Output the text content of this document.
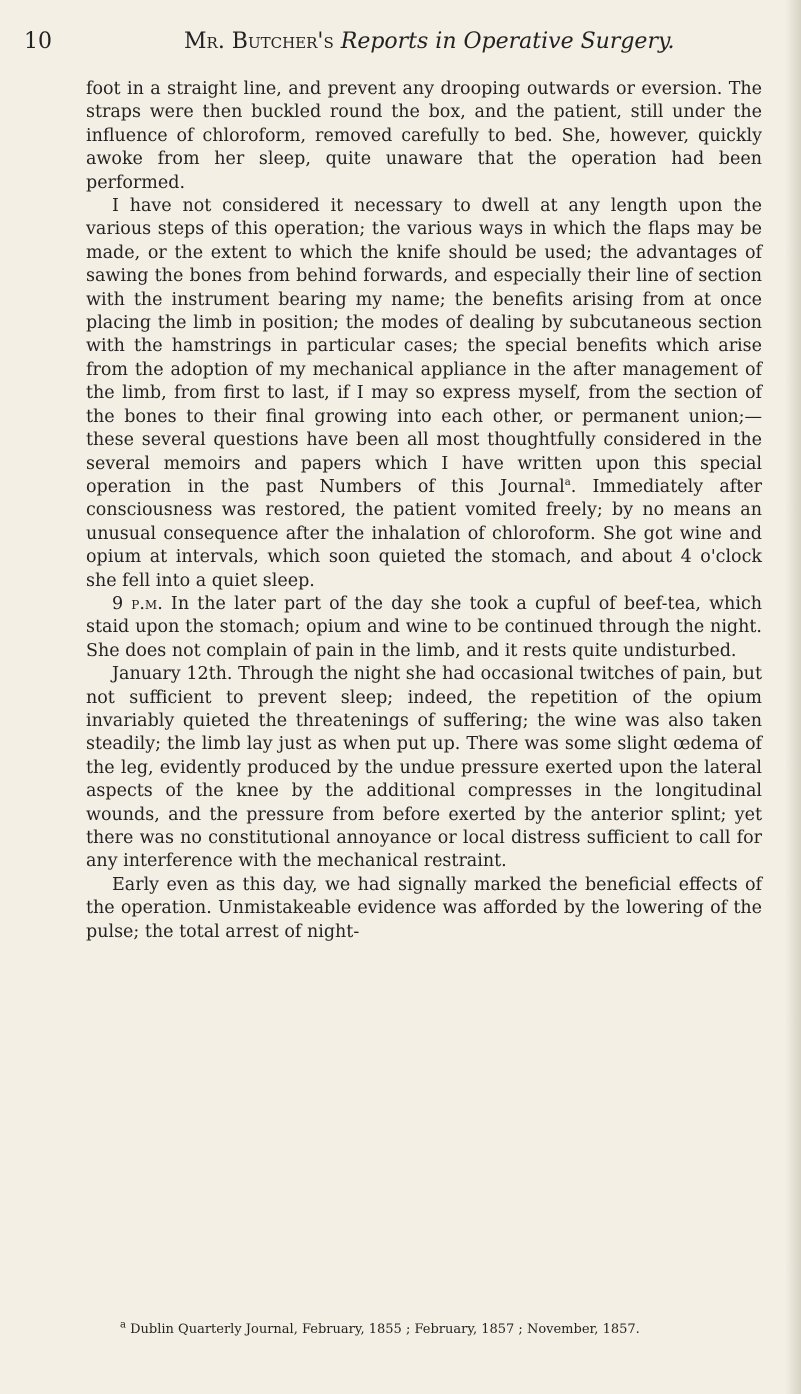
10	Mr. Butcher's Reports in Operative Surgery.

foot in a straight line, and prevent any drooping outwards or eversion. The straps were then buckled round the box, and the patient, still under the influence of chloroform, removed carefully to bed. She, however, quickly awoke from her sleep, quite unaware that the operation had been performed.

I have not considered it necessary to dwell at any length upon the various steps of this operation; the various ways in which the flaps may be made, or the extent to which the knife should be used; the advantages of sawing the bones from behind forwards, and especially their line of section with the instrument bearing my name; the benefits arising from at once placing the limb in position; the modes of dealing by subcutaneous section with the hamstrings in particular cases; the special benefits which arise from the adoption of my mechanical appliance in the after management of the limb, from first to last, if I may so express myself, from the section of the bones to their final growing into each other, or permanent union;—these several questions have been all most thoughtfully considered in the several memoirs and papers which I have written upon this special operation in the past Numbers of this Journal$^a$. Immediately after consciousness was restored, the patient vomited freely; by no means an unusual consequence after the inhalation of chloroform. She got wine and opium at intervals, which soon quieted the stomach, and about 4 o'clock she fell into a quiet sleep.

9 p.m. In the later part of the day she took a cupful of beef-tea, which staid upon the stomach; opium and wine to be continued through the night. She does not complain of pain in the limb, and it rests quite undisturbed.

January 12th. Through the night she had occasional twitches of pain, but not sufficient to prevent sleep; indeed, the repetition of the opium invariably quieted the threatenings of suffering; the wine was also taken steadily; the limb lay just as when put up. There was some slight œdema of the leg, evidently produced by the undue pressure exerted upon the lateral aspects of the knee by the additional compresses in the longitudinal wounds, and the pressure from before exerted by the anterior splint; yet there was no constitutional annoyance or local distress sufficient to call for any interference with the mechanical restraint.

Early even as this day, we had signally marked the beneficial effects of the operation. Unmistakeable evidence was afforded by the lowering of the pulse; the total arrest of night-

$^a$ Dublin Quarterly Journal, February, 1855 ; February, 1857 ; November, 1857.
